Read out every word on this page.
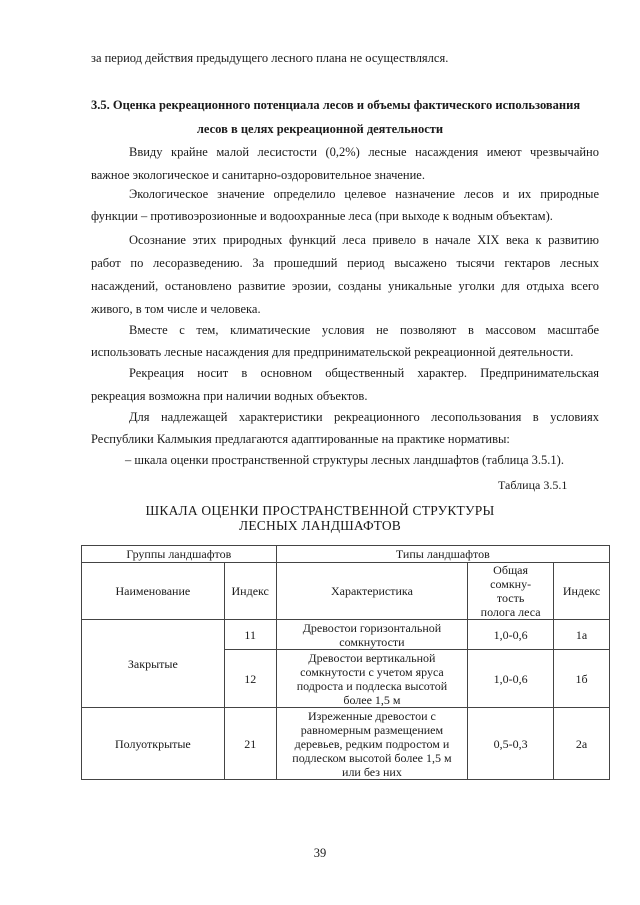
за период действия предыдущего лесного плана не осуществлялся.
3.5. Оценка рекреационного потенциала лесов и объемы фактического использования
лесов в целях рекреационной деятельности
Ввиду крайне малой лесистости (0,2%) лесные насаждения имеют чрезвычайно
важное экологическое и санитарно-оздоровительное значение.
Экологическое значение определило целевое назначение лесов и их природные
функции – противоэрозионные и водоохранные леса (при выходе к водным объектам).
Осознание этих природных функций леса привело в начале XIX века к развитию
работ по лесоразведению. За прошедший период высажено тысячи гектаров лесных
насаждений, остановлено развитие эрозии, созданы уникальные уголки для отдыха всего
живого, в том числе и человека.
Вместе с тем, климатические условия не позволяют в массовом масштабе
использовать лесные насаждения для предпринимательской рекреационной деятельности.
Рекреация носит в основном общественный характер. Предпринимательская
рекреация возможна при наличии водных объектов.
Для надлежащей характеристики рекреационного лесопользования в условиях
Республики Калмыкия предлагаются адаптированные на практике нормативы:
– шкала оценки пространственной структуры лесных ландшафтов (таблица 3.5.1).
Таблица 3.5.1
ШКАЛА ОЦЕНКИ ПРОСТРАНСТВЕННОЙ СТРУКТУРЫ
ЛЕСНЫХ ЛАНДШАФТОВ
Группы ландшафтов		Типы ландшафтов		
Наименование	Индекс	Характеристика	Общая
сомкну-
тость
полога леса	Индекс
Закрытые	11	Древостои горизонтальной
сомкнутости	1,0-0,6	1а
	12	Древостои вертикальной
сомкнутости с учетом яруса
подроста и подлеска высотой
более 1,5 м	1,0-0,6	1б
Полуоткрытые	21	Изреженные древостои с
равномерным размещением
деревьев, редким подростом и
подлеском высотой более 1,5 м
или без них	0,5-0,3	2а
39
